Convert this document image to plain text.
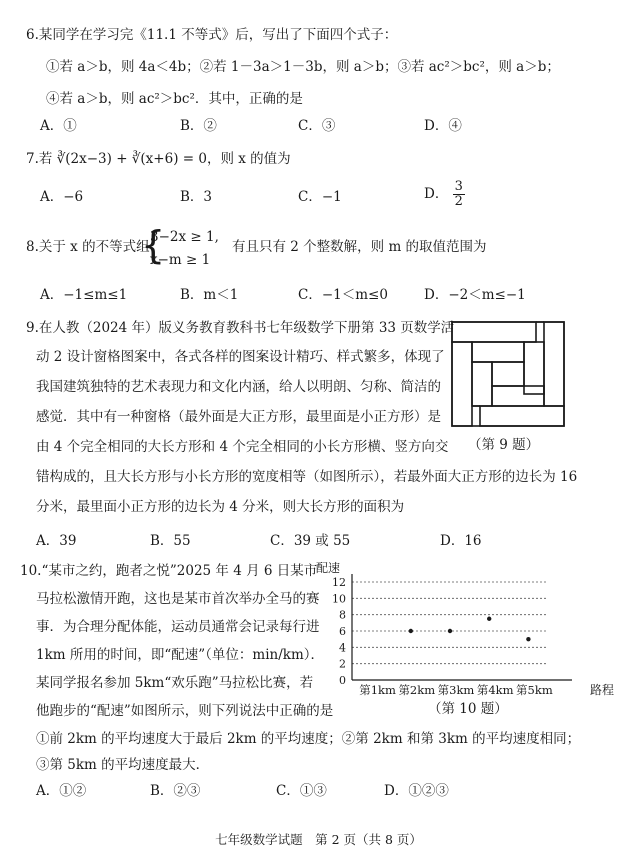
6.某同学在学习完《11.1 不等式》后，写出了下面四个式子：
①若 a＞b，则 4a＜4b；②若 1－3a＞1－3b，则 a＞b；③若 ac²＞bc²，则 a＞b；
④若 a＞b，则 ac²＞bc²．其中，正确的是
A．①	B．②	C．③	D．④
7.若 ∛(2x−3) + ∛(x+6) = 0，则 x 的值为
A．−6	B．3	C．−1	D． $\frac{3}{2}$
8.关于 x 的不等式组
{
3−2x ≥ 1,
x−m ≥ 1
有且只有 2 个整数解，则 m 的取值范围为
A．−1≤m≤1	B．m＜1	C．−1＜m≤0	D．−2＜m≤−1
9.在人教（2024 年）版义务教育教科书七年级数学下册第 33 页数学活
动 2 设计窗格图案中，各式各样的图案设计精巧、样式繁多，体现了
我国建筑独特的艺术表现力和文化内涵，给人以明朗、匀称、简洁的
感觉．其中有一种窗格（最外面是大正方形，最里面是小正方形）是
由 4 个完全相同的大长方形和 4 个完全相同的小长方形横、竖方向交
错构成的，且大长方形与小长方形的宽度相等（如图所示），若最外面大正方形的边长为 16
分米，最里面小正方形的边长为 4 分米，则大长方形的面积为
（第 9 题）
A．39	B．55	C．39 或 55	D．16
10.“某市之约，跑者之悦”2025 年 4 月 6 日某市
马拉松激情开跑，这也是某市首次举办全马的赛
事．为合理分配体能，运动员通常会记录每行进
1km 所用的时间，即“配速”（单位：min/km）．
某同学报名参加 5km“欢乐跑”马拉松比赛，若
他跑步的“配速”如图所示，则下列说法中正确的是
配速
0
2
4
6
8
10
12
第1km 第2km 第3km 第4km 第5km	路程
（第 10 题）
①前 2km 的平均速度大于最后 2km 的平均速度；②第 2km 和第 3km 的平均速度相同；
③第 5km 的平均速度最大．
A．①②	B．②③	C．①③	D．①②③
七年级数学试题　第 2 页（共 8 页）
